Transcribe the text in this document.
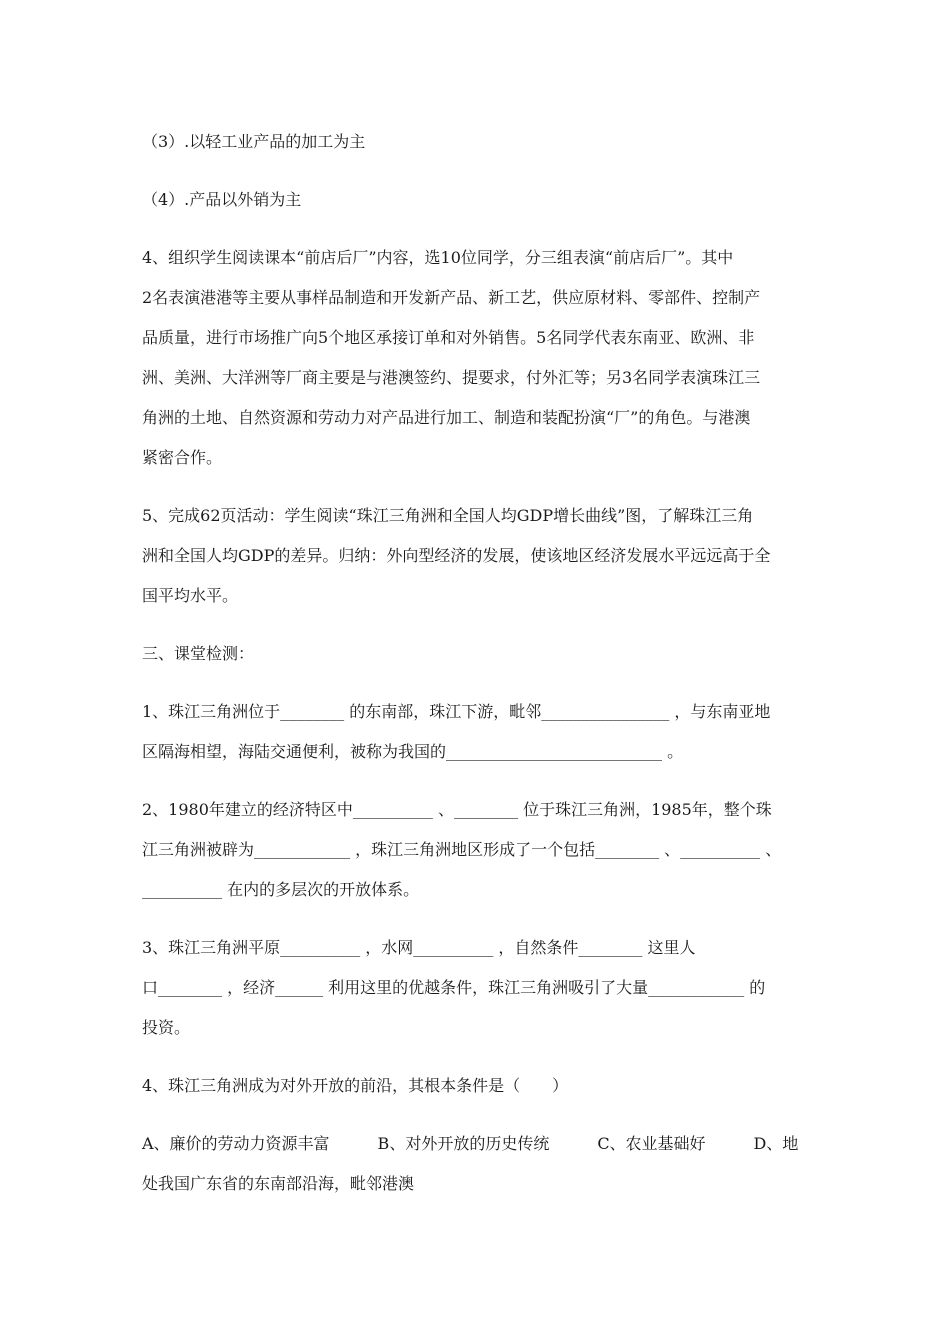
（3）.以轻工业产品的加工为主

（4）.产品以外销为主

4、组织学生阅读课本“前店后厂”内容，选10位同学，分三组表演“前店后厂”。其中

2名表演港港等主要从事样品制造和开发新产品、新工艺，供应原材料、零部件、控制产

品质量，进行市场推广向5个地区承接订单和对外销售。5名同学代表东南亚、欧洲、非

洲、美洲、大洋洲等厂商主要是与港澳签约、提要求，付外汇等；另3名同学表演珠江三

角洲的土地、自然资源和劳动力对产品进行加工、制造和装配扮演“厂”的角色。与港澳

紧密合作。

5、完成62页活动：学生阅读“珠江三角洲和全国人均GDP增长曲线”图，了解珠江三角

洲和全国人均GDP的差异。归纳：外向型经济的发展，使该地区经济发展水平远远高于全

国平均水平。

三、课堂检测：

1、珠江三角洲位于________ 的东南部，珠江下游，毗邻________________ ，与东南亚地

区隔海相望，海陆交通便利，被称为我国的___________________________ 。

2、1980年建立的经济特区中__________ 、________ 位于珠江三角洲，1985年，整个珠

江三角洲被辟为____________ ，珠江三角洲地区形成了一个包括________ 、__________ 、

__________ 在内的多层次的开放体系。

3、珠江三角洲平原__________ ，水网__________ ，自然条件________ 这里人

口________ ，经济______ 利用这里的优越条件，珠江三角洲吸引了大量____________ 的

投资。

4、珠江三角洲成为对外开放的前沿，其根本条件是（　　）

A、廉价的劳动力资源丰富　　　B、对外开放的历史传统　　　C、农业基础好　　　D、地

处我国广东省的东南部沿海，毗邻港澳
